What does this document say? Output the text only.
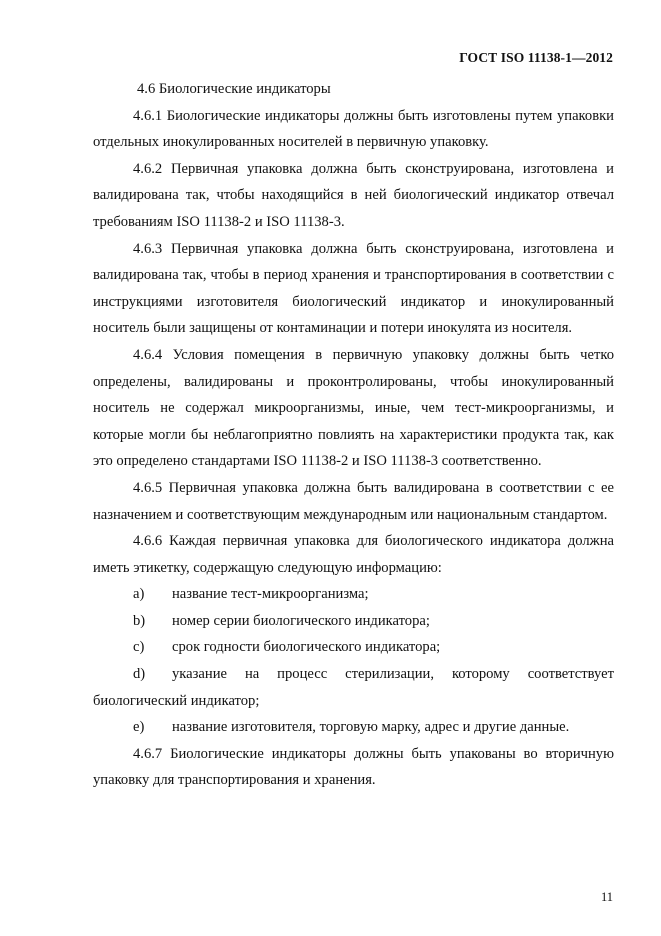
ГОСТ ISO 11138-1—2012

4.6 Биологические индикаторы

4.6.1 Биологические индикаторы должны быть изготовлены путем упаковки отдельных инокулированных носителей в первичную упаковку.

4.6.2 Первичная упаковка должна быть сконструирована, изготовлена и валидирована так, чтобы находящийся в ней биологический индикатор отвечал требованиям ISO 11138-2 и ISO 11138-3.

4.6.3 Первичная упаковка должна быть сконструирована, изготовлена и валидирована так, чтобы в период хранения и транспортирования в соответствии с инструкциями изготовителя биологический индикатор и инокулированный носитель были защищены от контаминации и потери инокулята из носителя.

4.6.4 Условия помещения в первичную упаковку должны быть четко определены, валидированы и проконтролированы, чтобы инокулированный носитель не содержал микроорганизмы, иные, чем тест-микроорганизмы, и которые могли бы неблагоприятно повлиять на характеристики продукта так, как это определено стандартами ISO 11138-2 и ISO 11138-3 соответственно.

4.6.5 Первичная упаковка должна быть валидирована в соответствии с ее назначением и соответствующим международным или национальным стандартом.

4.6.6 Каждая первичная упаковка для биологического индикатора должна иметь этикетку, содержащую следующую информацию:

a) название тест-микроорганизма;

b) номер серии биологического индикатора;

c) срок годности биологического индикатора;

d) указание на процесс стерилизации, которому соответствует биологический индикатор;

e) название изготовителя, торговую марку, адрес и другие данные.

4.6.7 Биологические индикаторы должны быть упакованы во вторичную упаковку для транспортирования и хранения.

11
